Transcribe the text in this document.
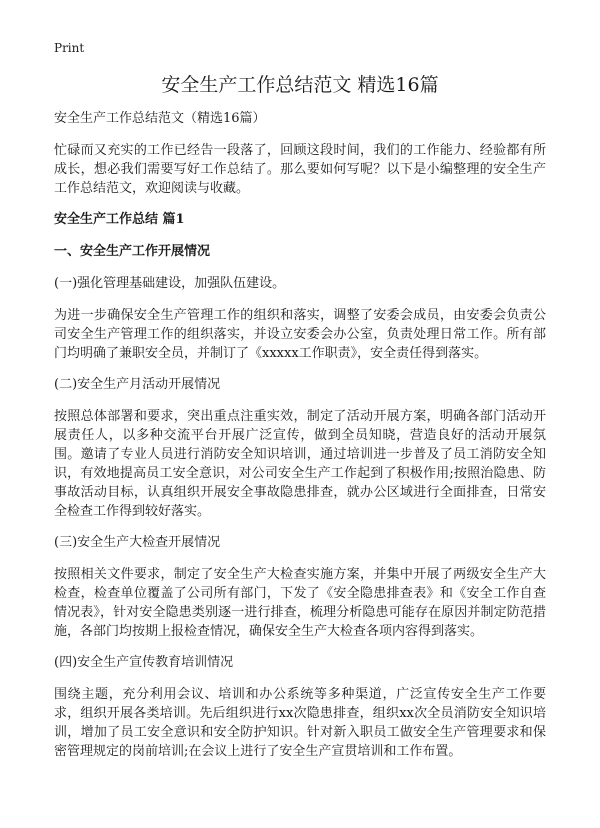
Print
安全生产工作总结范文 精选16篇
安全生产工作总结范文（精选16篇）

忙碌而又充实的工作已经告一段落了，回顾这段时间，我们的工作能力、经验都有所成长，想必我们需要写好工作总结了。那么要如何写呢？以下是小编整理的安全生产工作总结范文，欢迎阅读与收藏。

安全生产工作总结 篇1
一、安全生产工作开展情况
(一)强化管理基础建设，加强队伍建设。

为进一步确保安全生产管理工作的组织和落实，调整了安委会成员，由安委会负责公司安全生产管理工作的组织落实，并设立安委会办公室，负责处理日常工作。所有部门均明确了兼职安全员，并制订了《xxxxx工作职责》，安全责任得到落实。

(二)安全生产月活动开展情况

按照总体部署和要求，突出重点注重实效，制定了活动开展方案，明确各部门活动开展责任人，以多种交流平台开展广泛宣传，做到全员知晓，营造良好的活动开展氛围。邀请了专业人员进行消防安全知识培训，通过培训进一步普及了员工消防安全知识，有效地提高员工安全意识，对公司安全生产工作起到了积极作用;按照治隐患、防事故活动目标，认真组织开展安全事故隐患排查，就办公区域进行全面排查，日常安全检查工作得到较好落实。

(三)安全生产大检查开展情况

按照相关文件要求，制定了安全生产大检查实施方案，并集中开展了两级安全生产大检查，检查单位覆盖了公司所有部门，下发了《安全隐患排查表》和《安全工作自查情况表》，针对安全隐患类别逐一进行排查，梳理分析隐患可能存在原因并制定防范措施，各部门均按期上报检查情况，确保安全生产大检查各项内容得到落实。

(四)安全生产宣传教育培训情况

围绕主题，充分利用会议、培训和办公系统等多种渠道，广泛宣传安全生产工作要求，组织开展各类培训。先后组织进行xx次隐患排查，组织xx次全员消防安全知识培训，增加了员工安全意识和安全防护知识。针对新入职员工做安全生产管理要求和保密管理规定的岗前培训;在会议上进行了安全生产宣贯培训和工作布置。
